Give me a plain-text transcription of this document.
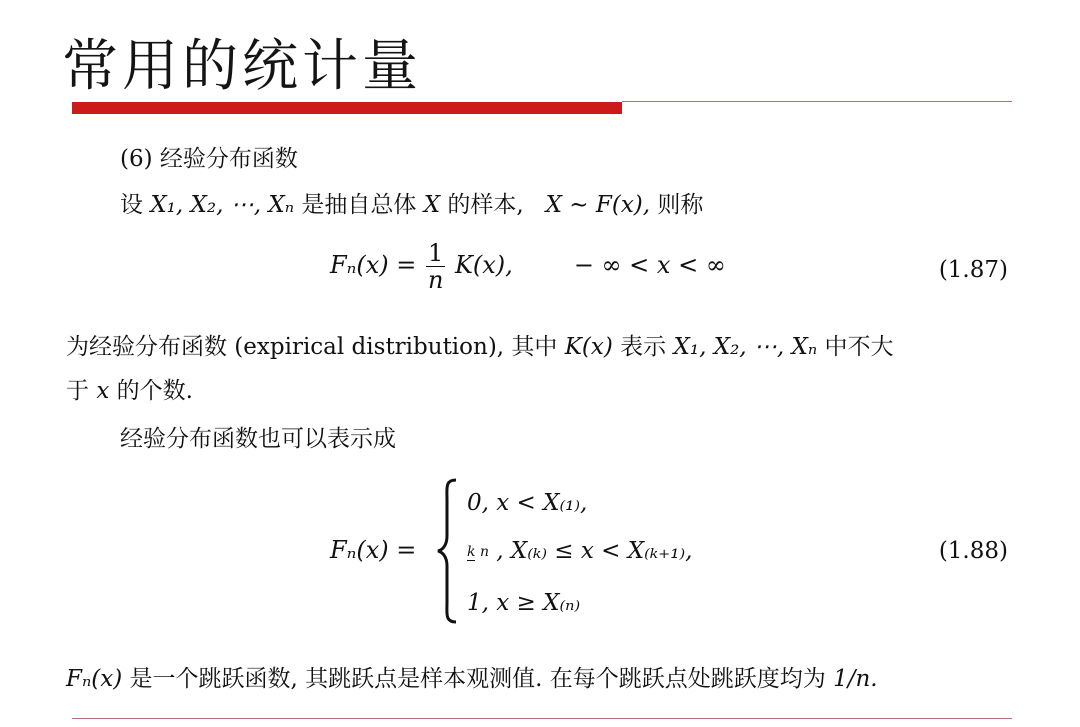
常用的统计量
(6) 经验分布函数
设 X₁, X₂, ⋯, Xₙ 是抽自总体 X 的样本, X ∼ F(x), 则称
$F_n(x) = \frac{1}{n} K(x)$,	− ∞ < x < ∞	(1.87)
为经验分布函数 (expirical distribution), 其中 K(x) 表示 X₁, X₂, ⋯, Xₙ 中不大
于 x 的个数.
经验分布函数也可以表示成
Fₙ(x) =
0, x < X₍₁₎,
k n , X₍ₖ₎ ≤ x < X₍ₖ₊₁₎,
1, x ≥ X₍ₙ₎
(1.88)
Fₙ(x) 是一个跳跃函数, 其跳跃点是样本观测值. 在每个跳跃点处跳跃度均为 1/n.
